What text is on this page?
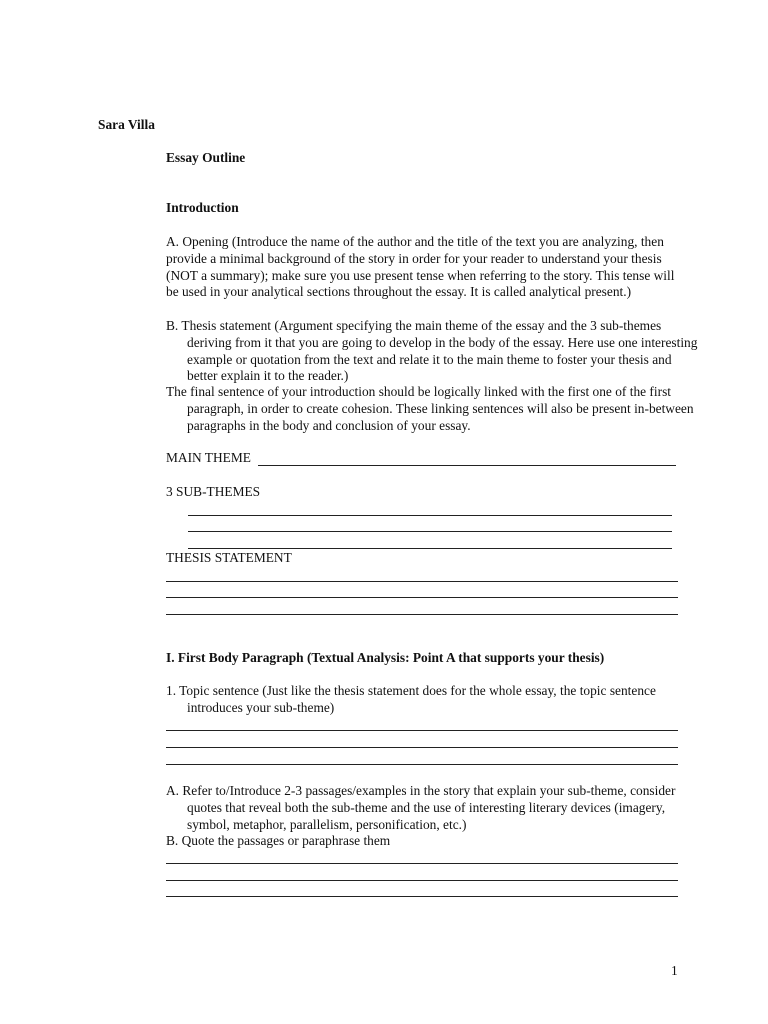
Sara Villa
Essay Outline
Introduction
A. Opening (Introduce the name of the author and the title of the text you are analyzing, then provide a minimal background of the story in order for your reader to understand your thesis (NOT a summary); make sure you use present tense when referring to the story. This tense will be used in your analytical sections throughout the essay. It is called analytical present.)
B. Thesis statement (Argument specifying the main theme of the essay and the 3 sub-themes deriving from it that you are going to develop in the body of the essay. Here use one interesting example or quotation from the text and relate it to the main theme to foster your thesis and better explain it to the reader.)
The final sentence of your introduction should be logically linked with the first one of the first paragraph, in order to create cohesion. These linking sentences will also be present in-between paragraphs in the body and conclusion of your essay.
MAIN THEME
3 SUB-THEMES
THESIS STATEMENT
I. First Body Paragraph (Textual Analysis: Point A that supports your thesis)
1. Topic sentence (Just like the thesis statement does for the whole essay, the topic sentence introduces your sub-theme)
A. Refer to/Introduce 2-3 passages/examples in the story that explain your sub-theme, consider quotes that reveal both the sub-theme and the use of interesting literary devices (imagery, symbol, metaphor, parallelism, personification, etc.)
B. Quote the passages or paraphrase them
1
